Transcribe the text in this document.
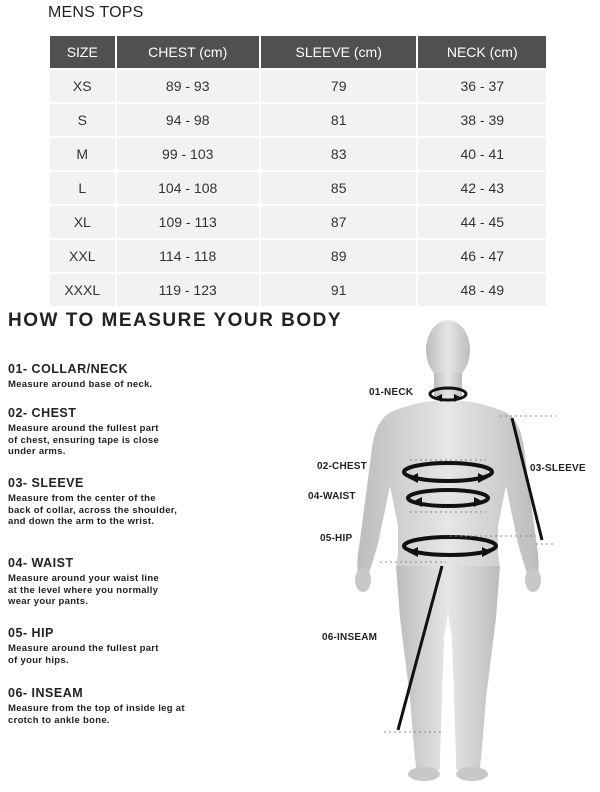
MENS TOPS
SIZE	CHEST (cm)	SLEEVE (cm)	NECK (cm)
XS	89 - 93	79	36 - 37
S	94 - 98	81	38 - 39
M	99 - 103	83	40 - 41
L	104 - 108	85	42 - 43
XL	109 - 113	87	44 - 45
XXL	114 - 118	89	46 - 47
XXXL	119 - 123	91	48 - 49
HOW TO MEASURE YOUR BODY
01- COLLAR/NECK
Measure around base of neck.
02- CHEST
Measure around the fullest part of chest, ensuring tape is close under arms.
03- SLEEVE
Measure from the center of the back of collar, across the shoulder, and down the arm to the wrist.
04- WAIST
Measure around your waist line at the level where you normally wear your pants.
05- HIP
Measure around the fullest part of your hips.
06- INSEAM
Measure from the top of inside leg at crotch to ankle bone.
01-NECK
02-CHEST	03-SLEEVE
04-WAIST
05-HIP
06-INSEAM
